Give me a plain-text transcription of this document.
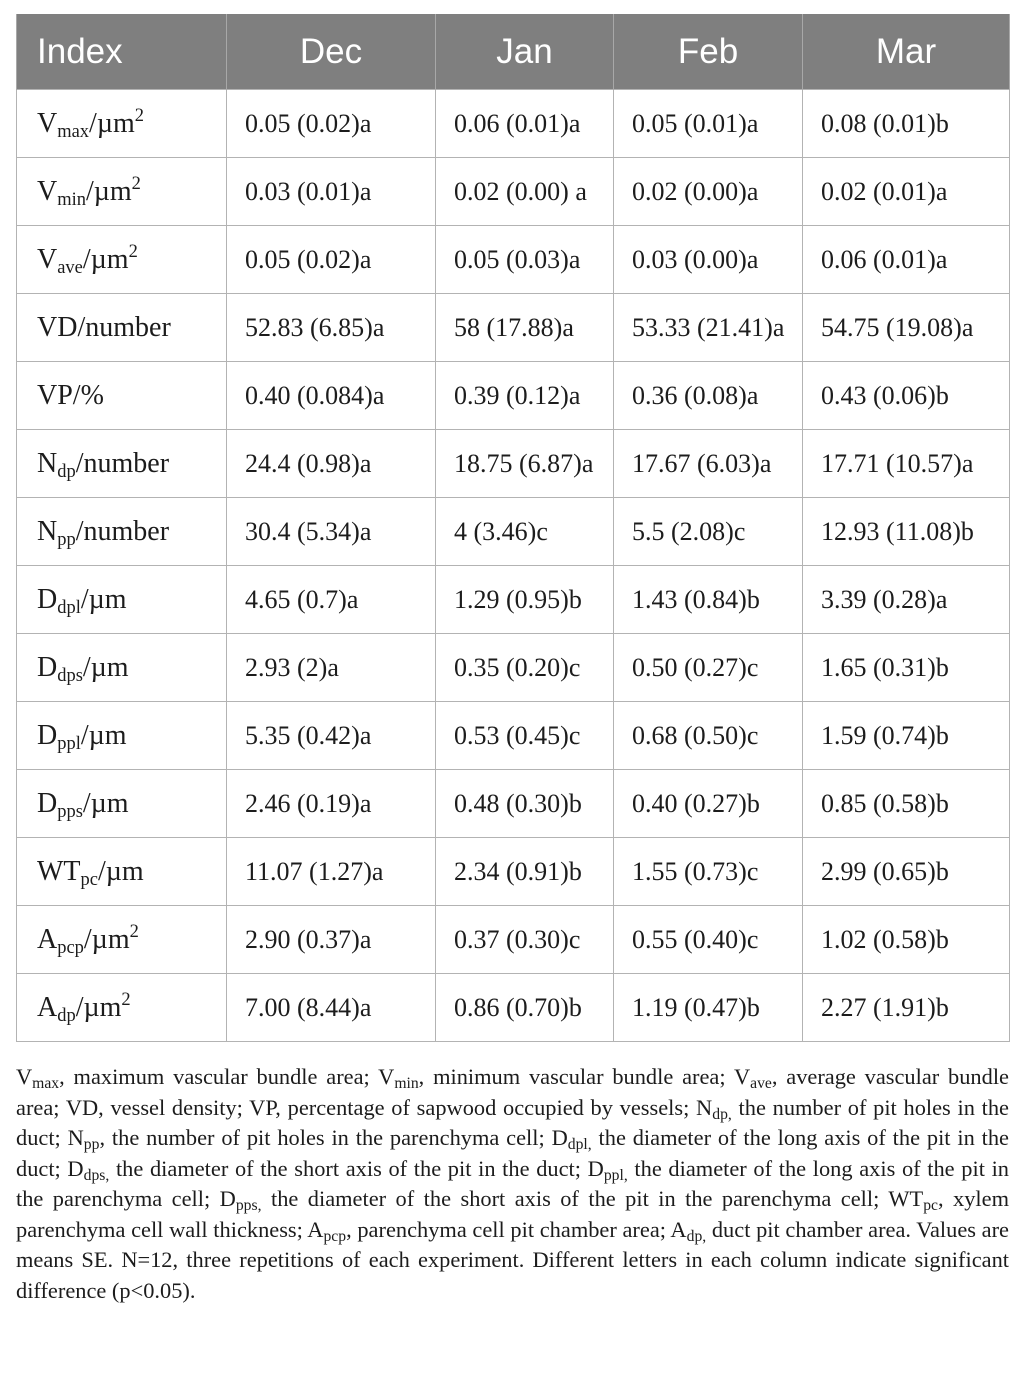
Index	Dec	Jan	Feb	Mar
$V_{max}/\mu m^2$	0.05 (0.02)a	0.06 (0.01)a	0.05 (0.01)a	0.08 (0.01)b
$V_{min}/\mu m^2$	0.03 (0.01)a	0.02 (0.00) a	0.02 (0.00)a	0.02 (0.01)a
$V_{ave}/\mu m^2$	0.05 (0.02)a	0.05 (0.03)a	0.03 (0.00)a	0.06 (0.01)a
VD/number	52.83 (6.85)a	58 (17.88)a	53.33 (21.41)a	54.75 (19.08)a
VP/%	0.40 (0.084)a	0.39 (0.12)a	0.36 (0.08)a	0.43 (0.06)b
$N_{dp}$/number	24.4 (0.98)a	18.75 (6.87)a	17.67 (6.03)a	17.71 (10.57)a
$N_{pp}$/number	30.4 (5.34)a	4 (3.46)c	5.5 (2.08)c	12.93 (11.08)b
$D_{dpl}/\mu m$	4.65 (0.7)a	1.29 (0.95)b	1.43 (0.84)b	3.39 (0.28)a
$D_{dps}/\mu m$	2.93 (2)a	0.35 (0.20)c	0.50 (0.27)c	1.65 (0.31)b
$D_{ppl}/\mu m$	5.35 (0.42)a	0.53 (0.45)c	0.68 (0.50)c	1.59 (0.74)b
$D_{pps}/\mu m$	2.46 (0.19)a	0.48 (0.30)b	0.40 (0.27)b	0.85 (0.58)b
$WT_{pc}/\mu m$	11.07 (1.27)a	2.34 (0.91)b	1.55 (0.73)c	2.99 (0.65)b
$A_{pcp}/\mu m^2$	2.90 (0.37)a	0.37 (0.30)c	0.55 (0.40)c	1.02 (0.58)b
$A_{dp}/\mu m^2$	7.00 (8.44)a	0.86 (0.70)b	1.19 (0.47)b	2.27 (1.91)b

$V_{max}$, maximum vascular bundle area; $V_{min}$, minimum vascular bundle area; $V_{ave}$, average vascular bundle area; VD, vessel density; VP, percentage of sapwood occupied by vessels; $N_{dp,}$ the number of pit holes in the duct; $N_{pp}$, the number of pit holes in the parenchyma cell; $D_{dpl,}$ the diameter of the long axis of the pit in the duct; $D_{dps,}$ the diameter of the short axis of the pit in the duct; $D_{ppl,}$ the diameter of the long axis of the pit in the parenchyma cell; $D_{pps,}$ the diameter of the short axis of the pit in the parenchyma cell; $WT_{pc}$, xylem parenchyma cell wall thickness; $A_{pcp}$, parenchyma cell pit chamber area; $A_{dp,}$ duct pit chamber area. Values are means SE. N=12, three repetitions of each experiment. Different letters in each column indicate significant difference (p<0.05).
